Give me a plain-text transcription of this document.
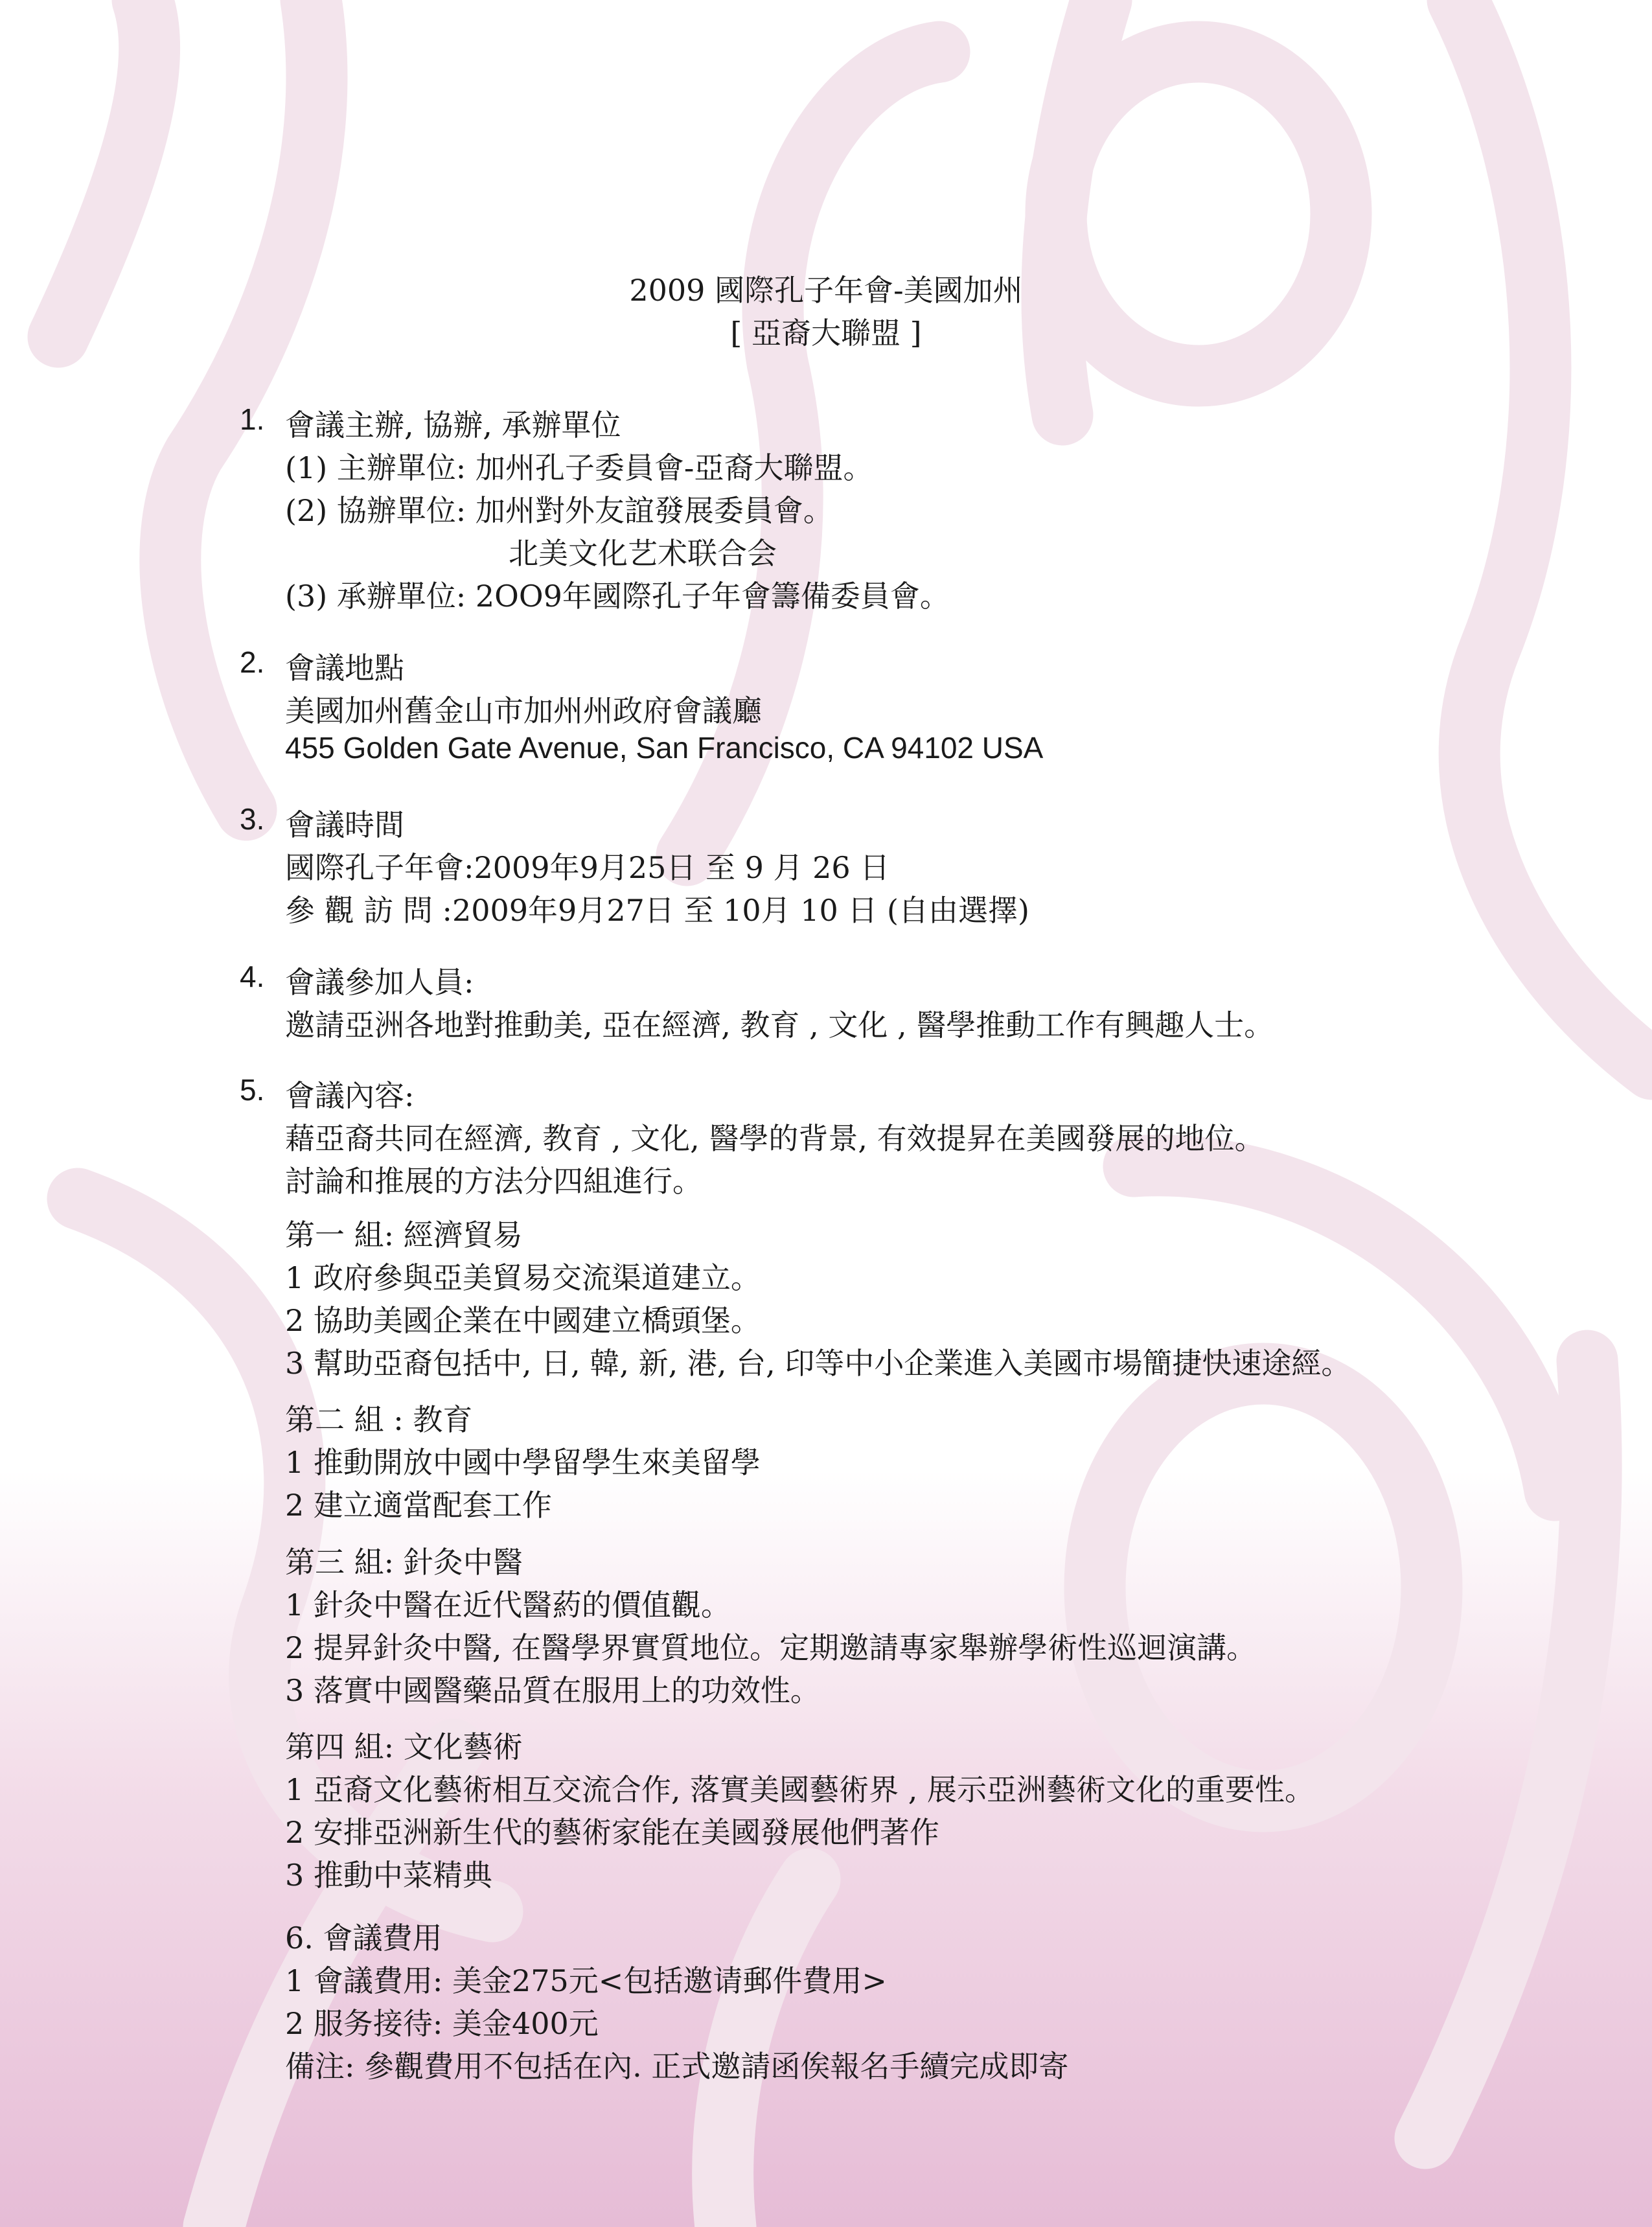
2009 國際孔子年會-美國加州
[ 亞裔大聯盟 ]
1. 會議主辦, 協辦, 承辦單位
(1) 主辦單位: 加州孔子委員會-亞裔大聯盟。
(2) 協辦單位: 加州對外友誼發展委員會。
北美文化艺术联合会
(3) 承辦單位: 2OO9年國際孔子年會籌備委員會。
2. 會議地點
美國加州舊金山市加州州政府會議廳
455 Golden Gate Avenue, San Francisco, CA 94102 USA
3. 會議時間
國際孔子年會:2009年9月25日 至 9 月 26 日
參 觀 訪 問 :2009年9月27日 至 10月 10 日 (自由選擇)
4. 會議參加人員:
邀請亞洲各地對推動美, 亞在經濟, 教育 , 文化 , 醫學推動工作有興趣人士。
5. 會議內容:
藉亞裔共同在經濟, 教育 , 文化, 醫學的背景, 有效提昇在美國發展的地位。
討論和推展的方法分四組進行。
第一 組: 經濟貿易
1 政府參與亞美貿易交流渠道建立。
2 協助美國企業在中國建立橋頭堡。
3 幫助亞裔包括中, 日, 韓, 新, 港, 台, 印等中小企業進入美國市場簡捷快速途經。
第二 組 : 教育
1 推動開放中國中學留學生來美留學
2 建立適當配套工作
第三 組: 針灸中醫
1 針灸中醫在近代醫葯的價值觀。
2 提昇針灸中醫, 在醫學界實質地位。定期邀請專家舉辦學術性巡迴演講。
3 落實中國醫藥品質在服用上的功效性。
第四 組: 文化藝術
1 亞裔文化藝術相互交流合作, 落實美國藝術界 , 展示亞洲藝術文化的重要性。
2 安排亞洲新生代的藝術家能在美國發展他們著作
3 推動中菜精典
6. 會議費用
1 會議費用: 美金275元<包括邀请郵件費用>
2 服务接待: 美金400元
備注: 參觀費用不包括在內. 正式邀請函俟報名手續完成即寄
